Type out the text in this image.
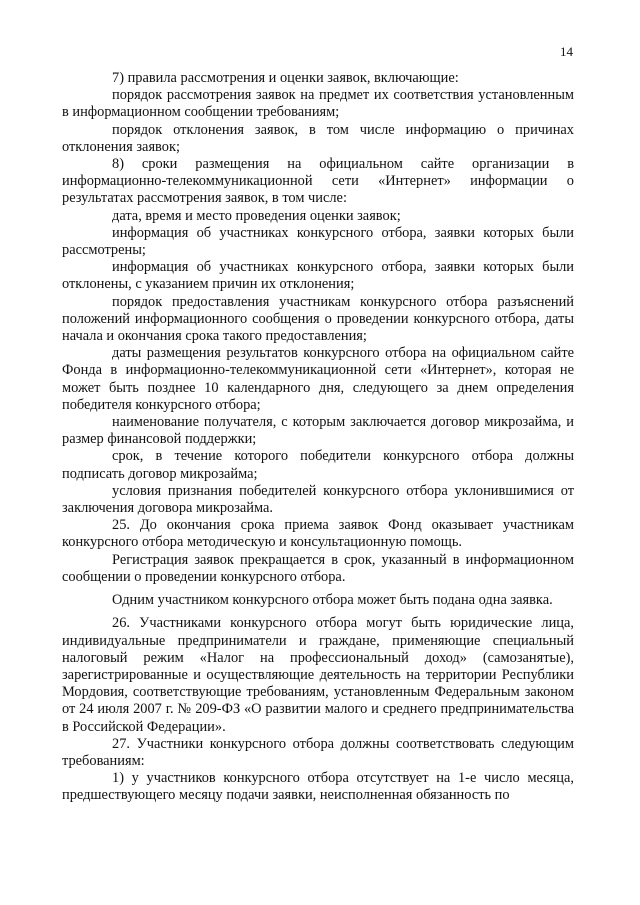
14

7) правила рассмотрения и оценки заявок, включающие:

порядок рассмотрения заявок на предмет их соответствия установленным в информационном сообщении требованиям;

порядок отклонения заявок, в том числе информацию о причинах отклонения заявок;

8) сроки размещения на официальном сайте организации в информационно-телекоммуникационной сети «Интернет» информации о результатах рассмотрения заявок, в том числе:

дата, время и место проведения оценки заявок;

информация об участниках конкурсного отбора, заявки которых были рассмотрены;

информация об участниках конкурсного отбора, заявки которых были отклонены, с указанием причин их отклонения;

порядок предоставления участникам конкурсного отбора разъяснений положений информационного сообщения о проведении конкурсного отбора, даты начала и окончания срока такого предоставления;

даты размещения результатов конкурсного отбора на официальном сайте Фонда в информационно-телекоммуникационной сети «Интернет», которая не может быть позднее 10 календарного дня, следующего за днем определения победителя конкурсного отбора;

наименование получателя, с которым заключается договор микрозайма, и размер финансовой поддержки;

срок, в течение которого победители конкурсного отбора должны подписать договор микрозайма;

условия признания победителей конкурсного отбора уклонившимися от заключения договора микрозайма.

25. До окончания срока приема заявок Фонд оказывает участникам конкурсного отбора методическую и консультационную помощь.

Регистрация заявок прекращается в срок, указанный в информационном сообщении о проведении конкурсного отбора.

Одним участником конкурсного отбора может быть подана одна заявка.

26. Участниками конкурсного отбора могут быть юридические лица, индивидуальные предприниматели и граждане, применяющие специальный налоговый режим «Налог на профессиональный доход» (самозанятые), зарегистрированные и осуществляющие деятельность на территории Республики Мордовия, соответствующие требованиям, установленным Федеральным законом от 24 июля 2007 г. № 209-ФЗ «О развитии малого и среднего предпринимательства в Российской Федерации».

27. Участники конкурсного отбора должны соответствовать следующим требованиям:

1) у участников конкурсного отбора отсутствует на 1-е число месяца, предшествующего месяцу подачи заявки, неисполненная обязанность по
